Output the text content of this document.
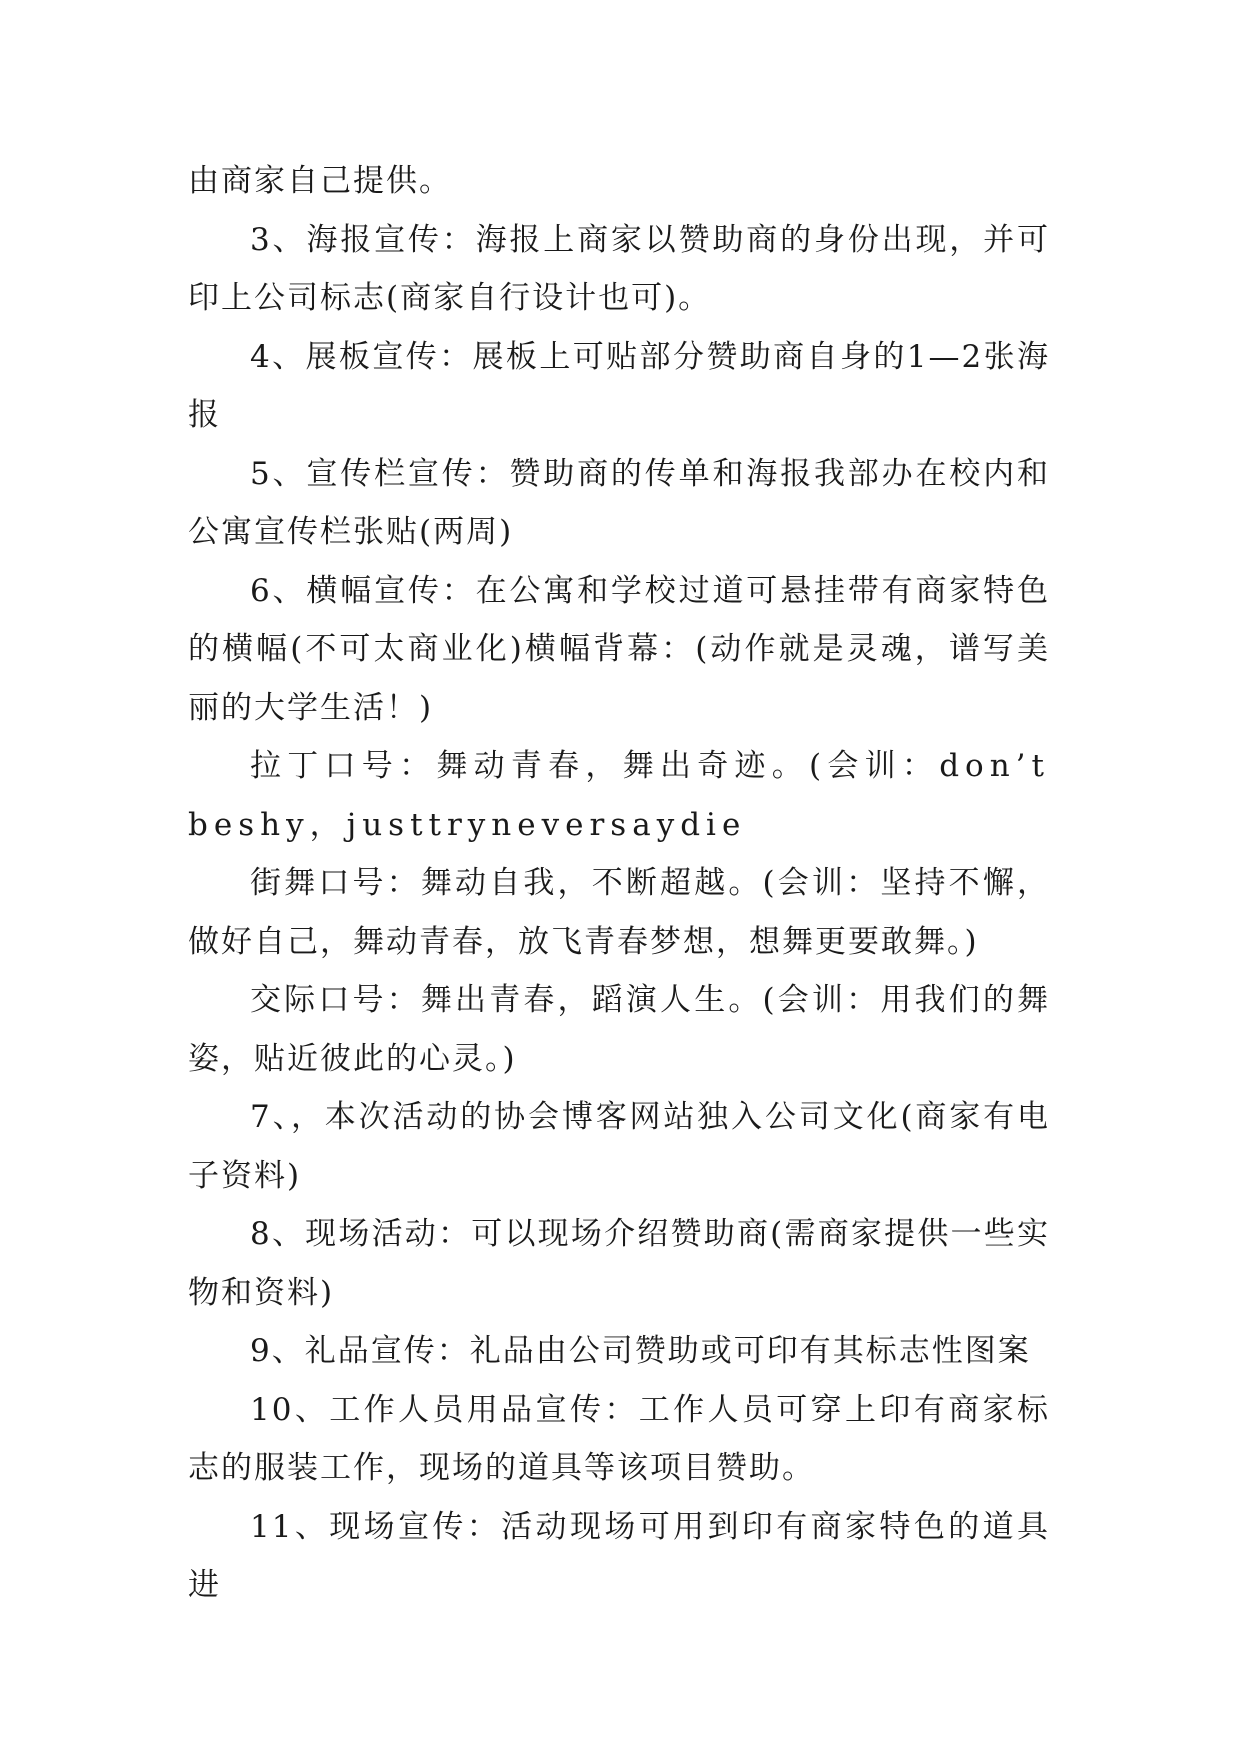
由商家自己提供。

3、海报宣传：海报上商家以赞助商的身份出现，并可印上公司标志(商家自行设计也可)。

4、展板宣传：展板上可贴部分赞助商自身的1—2张海报

5、宣传栏宣传：赞助商的传单和海报我部办在校内和公寓宣传栏张贴(两周)

6、横幅宣传：在公寓和学校过道可悬挂带有商家特色的横幅(不可太商业化)横幅背幕：(动作就是灵魂，谱写美丽的大学生活！)

拉丁口号：舞动青春，舞出奇迹。(会训：don’tbeshy，justtryneversaydie

街舞口号：舞动自我，不断超越。(会训：坚持不懈，做好自己，舞动青春，放飞青春梦想，想舞更要敢舞。)

交际口号：舞出青春，蹈演人生。(会训：用我们的舞姿，贴近彼此的心灵。)

7、，本次活动的协会博客网站独入公司文化(商家有电子资料)

8、现场活动：可以现场介绍赞助商(需商家提供一些实物和资料)

9、礼品宣传：礼品由公司赞助或可印有其标志性图案

10、工作人员用品宣传：工作人员可穿上印有商家标志的服装工作，现场的道具等该项目赞助。

11、现场宣传：活动现场可用到印有商家特色的道具进
